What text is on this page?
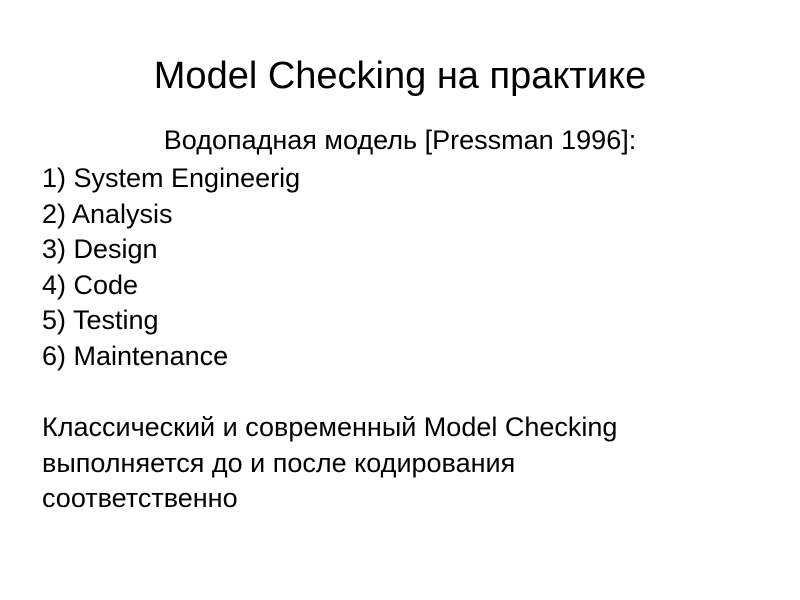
Model Checking на практике
Водопадная модель [Pressman 1996]:
1) System Engineerig
2) Analysis
3) Design
4) Code
5) Testing
6) Maintenance
Классический и современный Model Checking
выполняется до и после кодирования
соответственно
